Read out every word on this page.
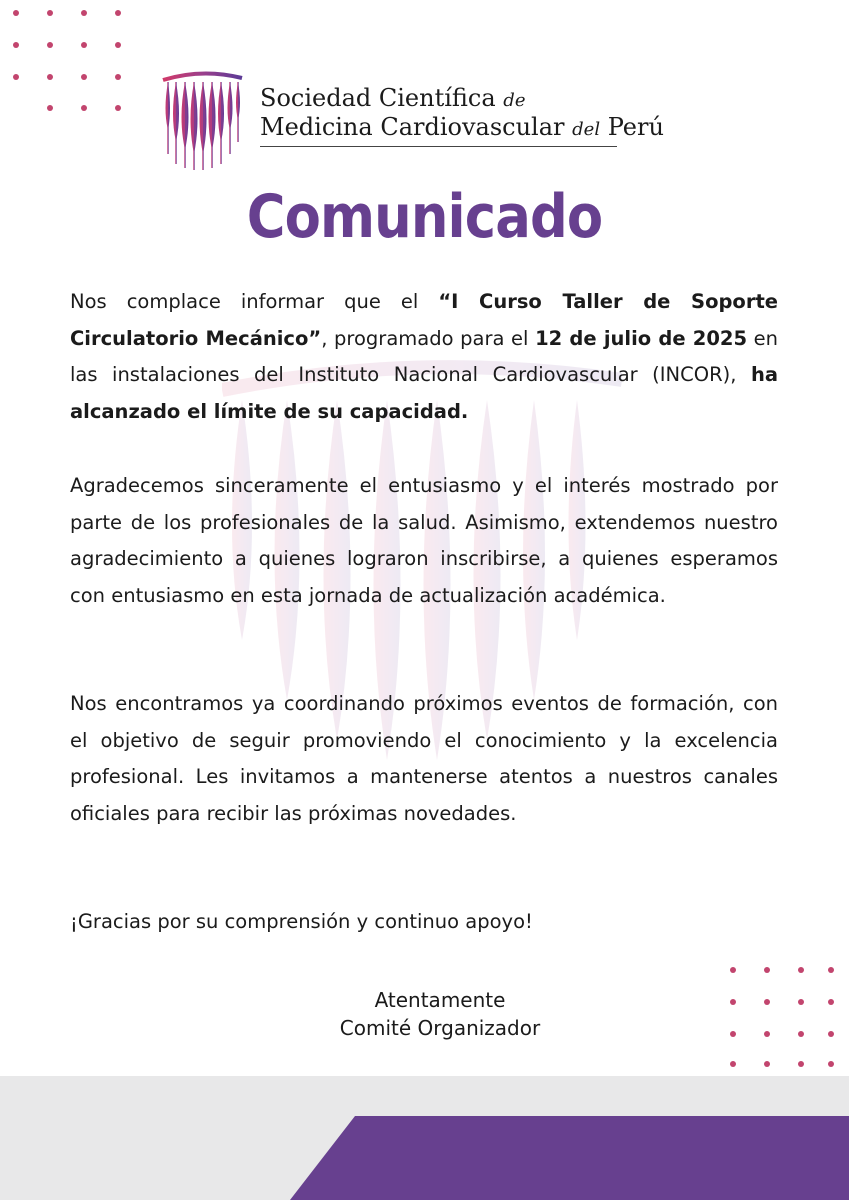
Sociedad Científica de
Medicina Cardiovascular del Perú
Comunicado

Nos complace informar que el “I Curso Taller de Soporte Circulatorio Mecánico”, programado para el 12 de julio de 2025 en las instalaciones del Instituto Nacional Cardiovascular (INCOR), ha alcanzado el límite de su capacidad.

Agradecemos sinceramente el entusiasmo y el interés mostrado por parte de los profesionales de la salud. Asimismo, extendemos nuestro agradecimiento a quienes lograron inscribirse, a quienes esperamos con entusiasmo en esta jornada de actualización académica.

Nos encontramos ya coordinando próximos eventos de formación, con el objetivo de seguir promoviendo el conocimiento y la excelencia profesional. Les invitamos a mantenerse atentos a nuestros canales oficiales para recibir las próximas novedades.

¡Gracias por su comprensión y continuo apoyo!

Atentamente
Comité Organizador
